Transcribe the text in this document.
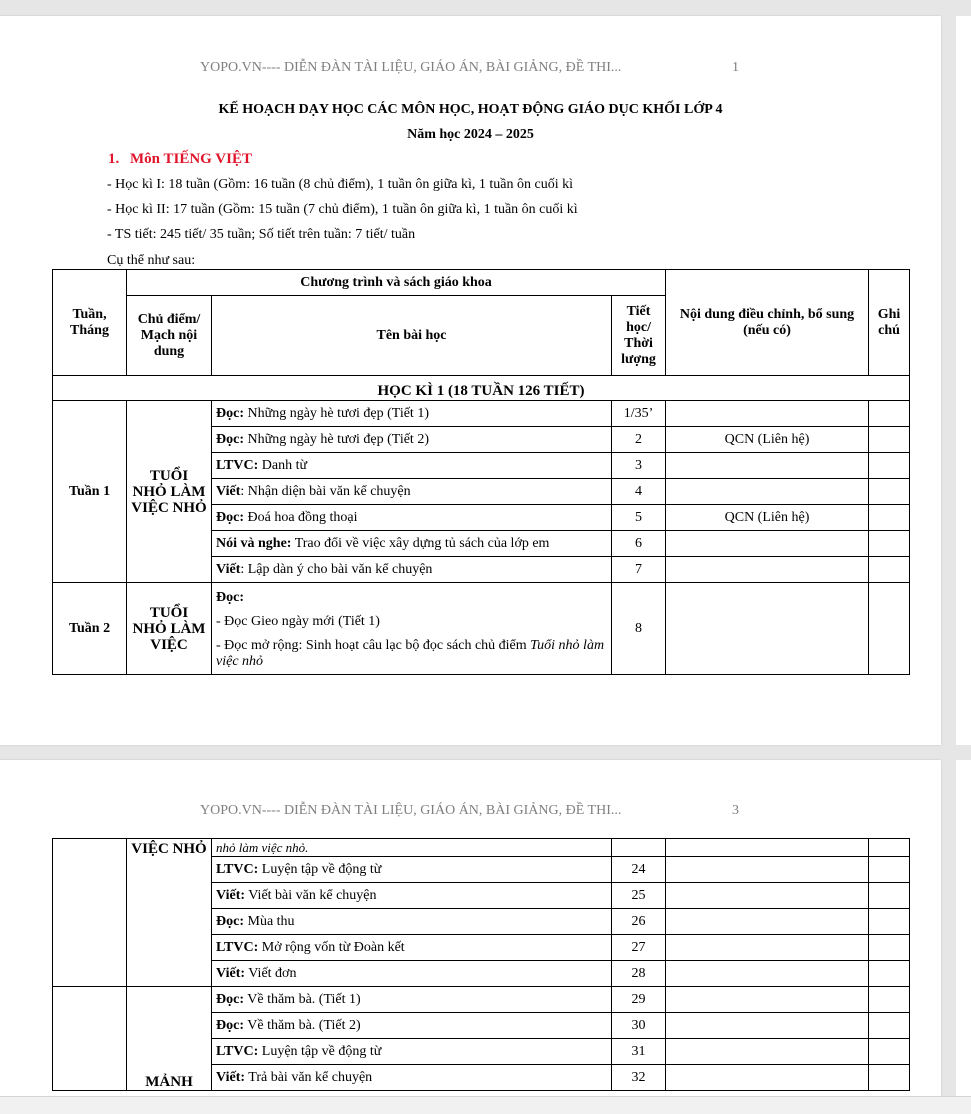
YOPO.VN---- DIỄN ĐÀN TÀI LIỆU, GIÁO ÁN, BÀI GIẢNG, ĐỀ THI...	1
KẾ HOẠCH DẠY HỌC CÁC MÔN HỌC, HOẠT ĐỘNG GIÁO DỤC KHỐI LỚP 4
Năm học 2024 – 2025
1. Môn TIẾNG VIỆT
- Học kì I: 18 tuần (Gồm: 16 tuần (8 chủ điểm), 1 tuần ôn giữa kì, 1 tuần ôn cuối kì
- Học kì II: 17 tuần (Gồm: 15 tuần (7 chủ điểm), 1 tuần ôn giữa kì, 1 tuần ôn cuối kì
- TS tiết: 245 tiết/ 35 tuần; Số tiết trên tuần: 7 tiết/ tuần
Cụ thể như sau:
Tuần, Tháng	Chương trình và sách giáo khoa			Nội dung điều chỉnh, bổ sung (nếu có)	Ghi chú
	Chủ điểm/ Mạch nội dung	Tên bài học	Tiết học/ Thời lượng		
HỌC KÌ 1 (18 TUẦN 126 TIẾT)					
Tuần 1	TUỔI NHỎ LÀM VIỆC NHỎ	Đọc: Những ngày hè tươi đẹp (Tiết 1)	1/35’		
		Đọc: Những ngày hè tươi đẹp (Tiết 2)	2	QCN (Liên hệ)	
		LTVC: Danh từ	3		
		Viết: Nhận diện bài văn kể chuyện	4		
		Đọc: Đoá hoa đồng thoại	5	QCN (Liên hệ)	
		Nói và nghe: Trao đổi về việc xây dựng tủ sách của lớp em	6		
		Viết: Lập dàn ý cho bài văn kể chuyện	7		
Tuần 2	TUỔI NHỎ LÀM VIỆC	Đọc:
- Đọc Gieo ngày mới (Tiết 1)
- Đọc mở rộng: Sinh hoạt câu lạc bộ đọc sách chủ điểm Tuổi nhỏ làm việc nhỏ	8		
YOPO.VN---- DIỄN ĐÀN TÀI LIỆU, GIÁO ÁN, BÀI GIẢNG, ĐỀ THI...	3
	VIỆC NHỎ	nhỏ làm việc nhỏ.			
		LTVC: Luyện tập về động từ	24		
		Viết: Viết bài văn kể chuyện	25		
		Đọc: Mùa thu	26		
		LTVC: Mở rộng vốn từ Đoàn kết	27		
		Viết: Viết đơn	28		
	MẢNH	Đọc: Về thăm bà. (Tiết 1)	29		
		Đọc: Về thăm bà. (Tiết 2)	30		
		LTVC: Luyện tập về động từ	31		
		Viết: Trả bài văn kể chuyện	32		
